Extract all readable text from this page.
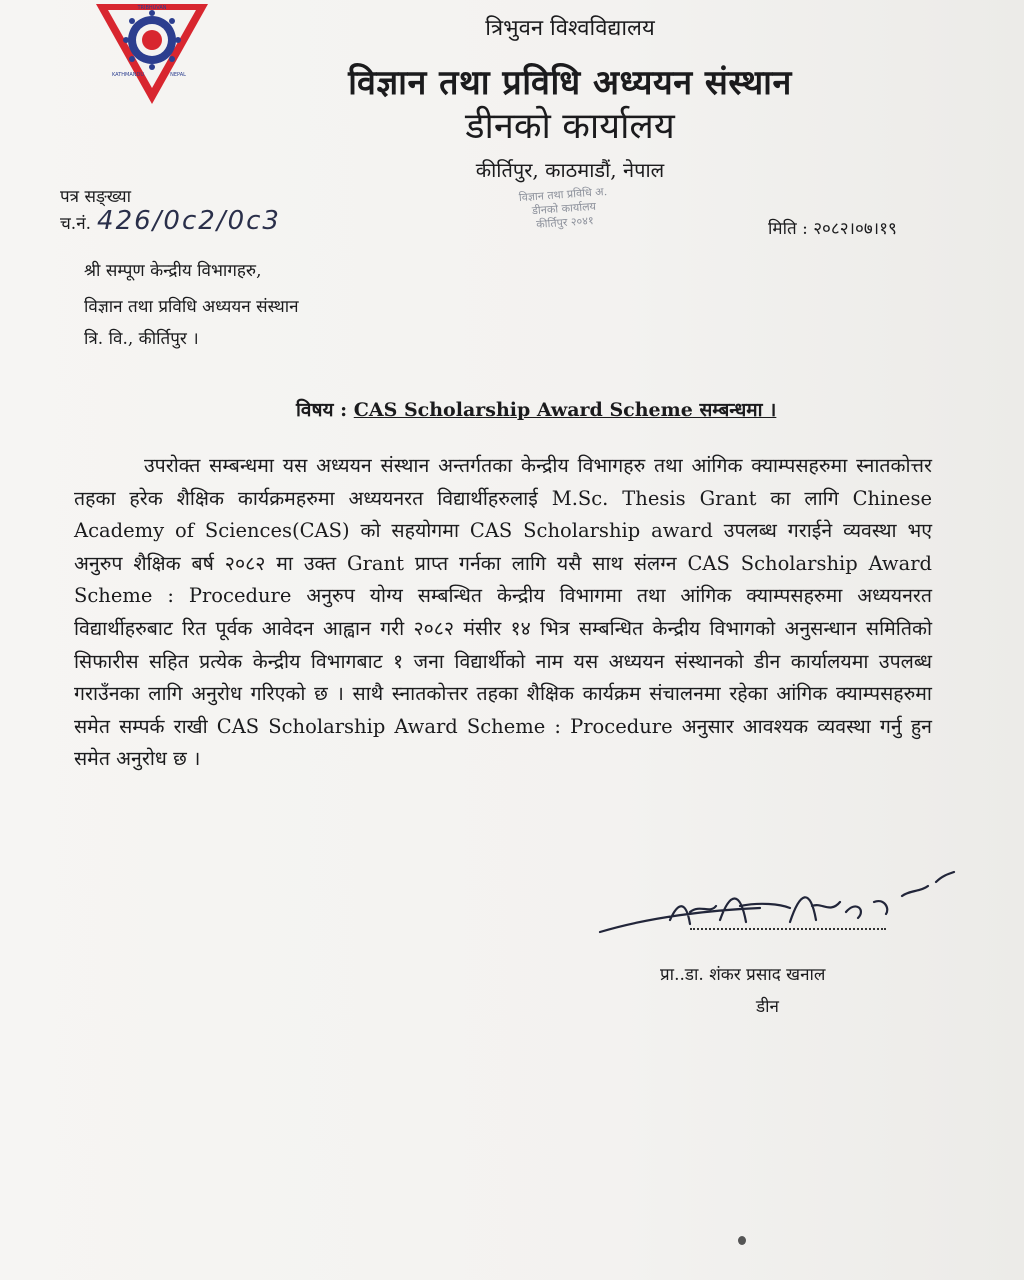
TRIBHUVAN
KATHMANDU	NEPAL
त्रिभुवन विश्वविद्यालय
विज्ञान तथा प्रविधि अध्ययन संस्थान
डीनको कार्यालय
कीर्तिपुर, काठमाडौं, नेपाल
पत्र सङ्ख्या
च.नं. 426/0c2/0c3
विज्ञान तथा प्रविधि अ.
डीनको कार्यालय
कीर्तिपुर २०४१	मिति : २०८२।०७।१९
श्री सम्पूण केन्द्रीय विभागहरु,
विज्ञान तथा प्रविधि अध्ययन संस्थान
त्रि. वि., कीर्तिपुर ।
विषय : CAS Scholarship Award Scheme सम्बन्धमा ।
उपरोक्त सम्बन्धमा यस अध्ययन संस्थान अन्तर्गतका केन्द्रीय विभागहरु तथा आंगिक क्याम्पसहरुमा स्नातकोत्तर तहका हरेक शैक्षिक कार्यक्रमहरुमा अध्ययनरत विद्यार्थीहरुलाई M.Sc. Thesis Grant का लागि Chinese Academy of Sciences(CAS) को सहयोगमा CAS Scholarship award उपलब्ध गराईने व्यवस्था भए अनुरुप शैक्षिक बर्ष २०८२ मा उक्त Grant प्राप्त गर्नका लागि यसै साथ संलग्न CAS Scholarship Award Scheme : Procedure अनुरुप योग्य सम्बन्धित केन्द्रीय विभागमा तथा आंगिक क्याम्पसहरुमा अध्ययनरत विद्यार्थीहरुबाट रित पूर्वक आवेदन आह्वान गरी २०८२ मंसीर १४ भित्र सम्बन्धित केन्द्रीय विभागको अनुसन्धान समितिको सिफारीस सहित प्रत्येक केन्द्रीय विभागबाट १ जना विद्यार्थीको नाम यस अध्ययन संस्थानको डीन कार्यालयमा उपलब्ध गराउँनका लागि अनुरोध गरिएको छ । साथै स्नातकोत्तर तहका शैक्षिक कार्यक्रम संचालनमा रहेका आंगिक क्याम्पसहरुमा समेत सम्पर्क राखी CAS Scholarship Award Scheme : Procedure अनुसार आवश्यक व्यवस्था गर्नु हुन समेत अनुरोध छ ।
प्रा..डा. शंकर प्रसाद खनाल
डीन
